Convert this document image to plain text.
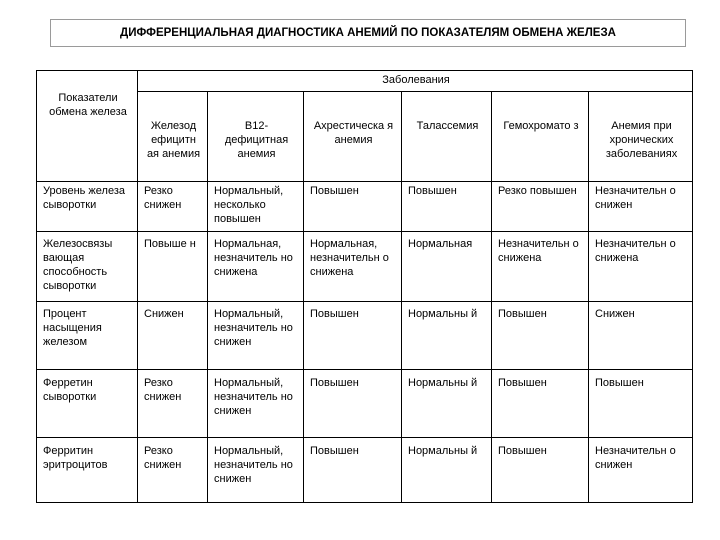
ДИФФЕРЕНЦИАЛЬНАЯ ДИАГНОСТИКА АНЕМИЙ ПО ПОКАЗАТЕЛЯМ ОБМЕНА ЖЕЛЕЗА
Показатели обмена железа	Заболевания					
	Железод ефицитн ая анемия	В12-дефицитная анемия	Ахрестическа я анемия	Талассемия	Гемохромато з	Анемия при хронических заболеваниях
Уровень железа сыворотки	Резко снижен	Нормальный, несколько повышен	Повышен	Повышен	Резко повышен	Незначительн о снижен
Железосвязы вающая способность сыворотки	Повыше н	Нормальная, незначитель но снижена	Нормальная, незначительн о снижена	Нормальная	Незначительн о снижена	Незначительн о снижена
Процент насыщения железом	Снижен	Нормальный, незначитель но снижен	Повышен	Нормальны й	Повышен	Снижен
Ферретин сыворотки	Резко снижен	Нормальный, незначитель но снижен	Повышен	Нормальны й	Повышен	Повышен
Ферритин эритроцитов	Резко снижен	Нормальный, незначитель но снижен	Повышен	Нормальны й	Повышен	Незначительн о снижен
